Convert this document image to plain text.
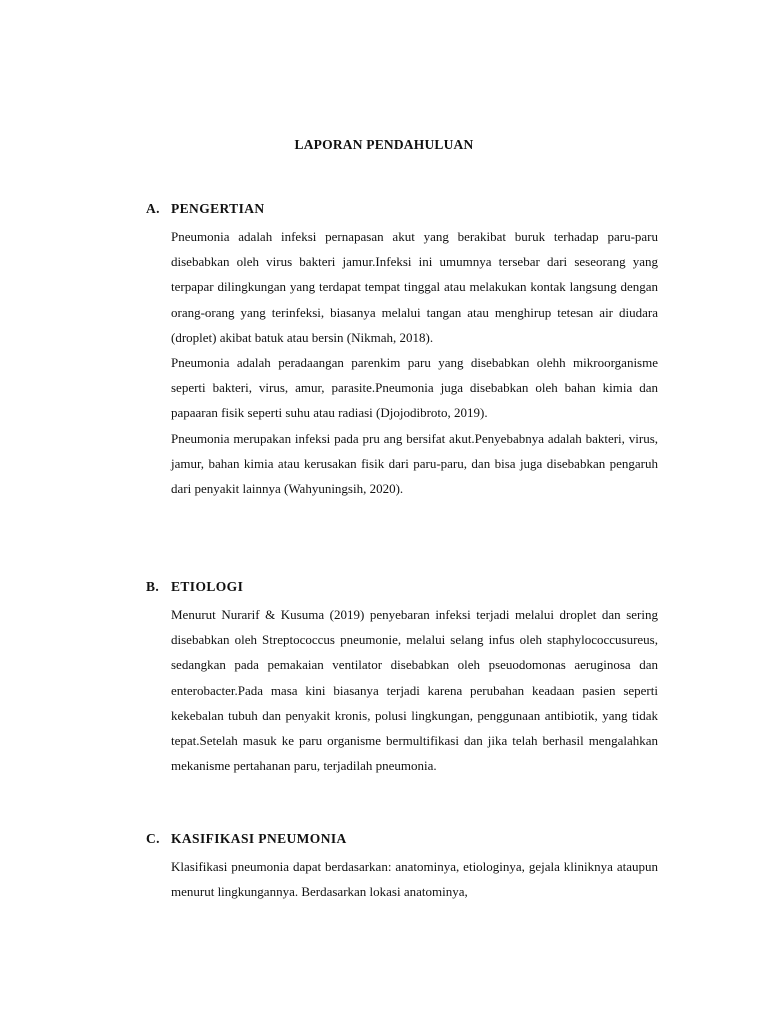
LAPORAN PENDAHULUAN
A. PENGERTIAN

Pneumonia adalah infeksi pernapasan akut yang berakibat buruk terhadap paru-paru disebabkan oleh virus bakteri jamur.Infeksi ini umumnya tersebar dari seseorang yang terpapar dilingkungan yang terdapat tempat tinggal atau melakukan kontak langsung dengan orang-orang yang terinfeksi, biasanya melalui tangan atau menghirup tetesan air diudara (droplet) akibat batuk atau bersin (Nikmah, 2018).

Pneumonia adalah peradaangan parenkim paru yang disebabkan olehh mikroorganisme seperti bakteri, virus, amur, parasite.Pneumonia juga disebabkan oleh bahan kimia dan papaaran fisik seperti suhu atau radiasi (Djojodibroto, 2019).

Pneumonia merupakan infeksi pada pru ang bersifat akut.Penyebabnya adalah bakteri, virus, jamur, bahan kimia atau kerusakan fisik dari paru-paru, dan bisa juga disebabkan pengaruh dari penyakit lainnya (Wahyuningsih, 2020).

B. ETIOLOGI

Menurut Nurarif & Kusuma (2019) penyebaran infeksi terjadi melalui droplet dan sering disebabkan oleh Streptococcus pneumonie, melalui selang infus oleh staphylococcusureus, sedangkan pada pemakaian ventilator disebabkan oleh pseuodomonas aeruginosa dan enterobacter.Pada masa kini biasanya terjadi karena perubahan keadaan pasien seperti kekebalan tubuh dan penyakit kronis, polusi lingkungan, penggunaan antibiotik, yang tidak tepat.Setelah masuk ke paru organisme bermultifikasi dan jika telah berhasil mengalahkan mekanisme pertahanan paru, terjadilah pneumonia.

C. KASIFIKASI PNEUMONIA

Klasifikasi pneumonia dapat berdasarkan: anatominya, etiologinya, gejala kliniknya ataupun menurut lingkungannya. Berdasarkan lokasi anatominya,
